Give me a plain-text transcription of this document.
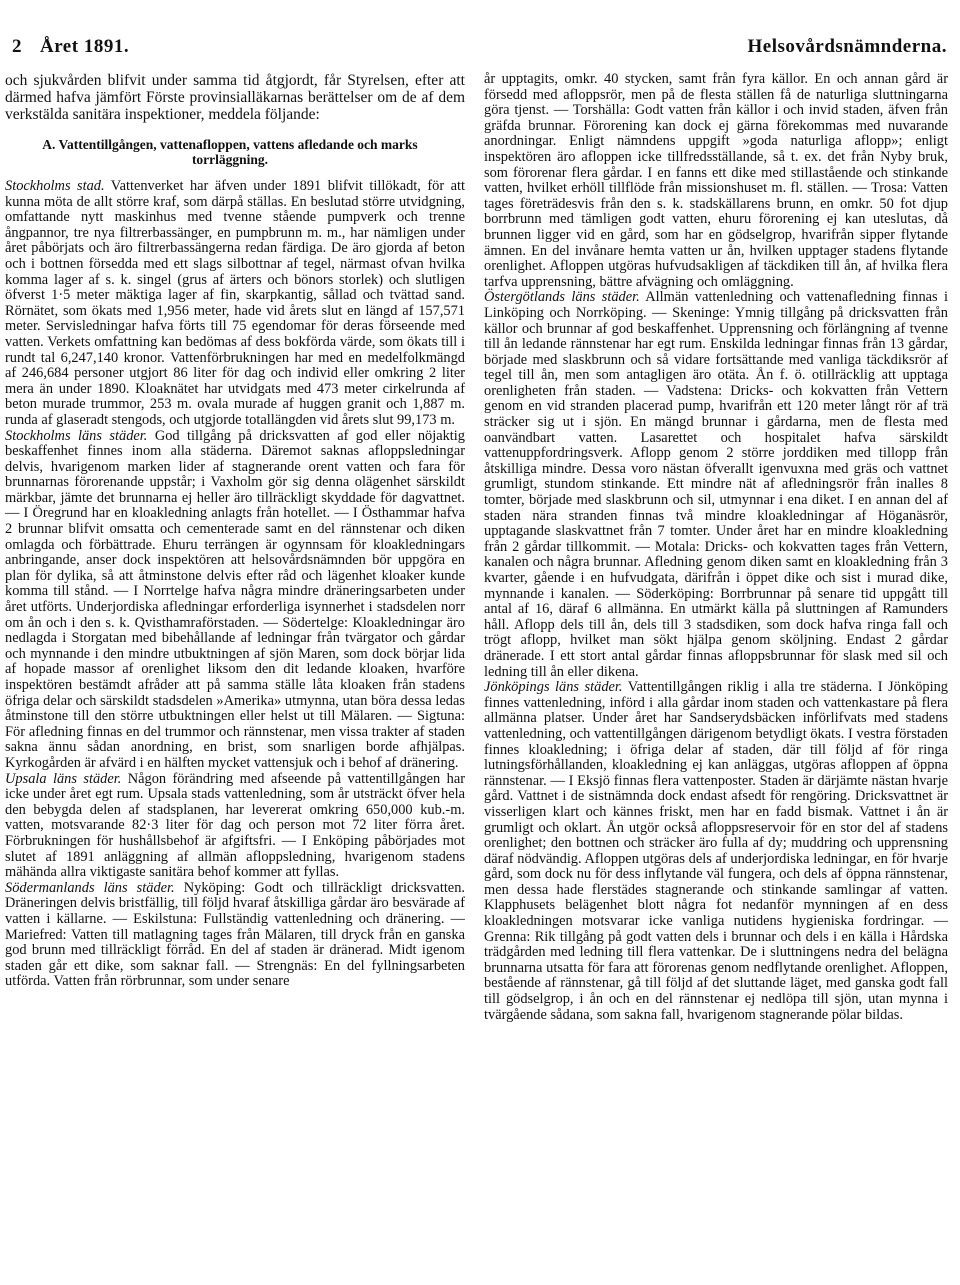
2 Året 1891.	Helsovårdsnämnderna.

och sjukvården blifvit under samma tid åtgjordt, får Styrelsen, efter att därmed hafva jämfört Förste provinsialläkarnas berättelser om de af dem verkstälda sanitära inspektioner, meddela följande:

A. Vattentillgången, vattenafloppen, vattens afledande och marks torrläggning.

Stockholms stad. Vattenverket har äfven under 1891 blifvit tillökadt, för att kunna möta de allt större kraf, som därpå ställas. En beslutad större utvidgning, omfattande nytt maskinhus med tvenne stående pumpverk och trenne ångpannor, tre nya filtrerbassänger, en pumpbrunn m. m., har nämligen under året påbörjats och äro filtrerbassängerna redan färdiga. De äro gjorda af beton och i bottnen försedda med ett slags silbottnar af tegel, närmast ofvan hvilka komma lager af s. k. singel (grus af ärters och bönors storlek) och slutligen öfverst 1·5 meter mäktiga lager af fin, skarpkantig, sållad och tvättad sand. Rörnätet, som ökats med 1,956 meter, hade vid årets slut en längd af 157,571 meter. Servisledningar hafva förts till 75 egendomar för deras förseende med vatten. Verkets omfattning kan bedömas af dess bokförda värde, som ökats till i rundt tal 6,247,140 kronor. Vattenförbrukningen har med en medelfolkmängd af 246,684 personer utgjort 86 liter för dag och individ eller omkring 2 liter mera än under 1890. Kloaknätet har utvidgats med 473 meter cirkelrunda af beton murade trummor, 253 m. ovala murade af huggen granit och 1,887 m. runda af glaseradt stengods, och utgjorde totallängden vid årets slut 99,173 m.

Stockholms läns städer. God tillgång på dricksvatten af god eller nöjaktig beskaffenhet finnes inom alla städerna. Däremot saknas afloppsledningar delvis, hvarigenom marken lider af stagnerande orent vatten och fara för brunnarnas förorenande uppstår; i Vaxholm gör sig denna olägenhet särskildt märkbar, jämte det brunnarna ej heller äro tillräckligt skyddade för dagvattnet. — I Öregrund har en kloakledning anlagts från hotellet. — I Östhammar hafva 2 brunnar blifvit omsatta och cementerade samt en del rännstenar och diken omlagda och förbättrade. Ehuru terrängen är ogynnsam för kloakledningars anbringande, anser dock inspektören att helsovårdsnämnden bör uppgöra en plan för dylika, så att åtminstone delvis efter råd och lägenhet kloaker kunde komma till stånd. — I Norrtelge hafva några mindre dräneringsarbeten under året utförts. Underjordiska afledningar erforderliga isynnerhet i stadsdelen norr om ån och i den s. k. Qvisthamraförstaden. — Södertelge: Kloakledningar äro nedlagda i Storgatan med bibehållande af ledningar från tvärgator och gårdar och mynnande i den mindre utbuktningen af sjön Maren, som dock börjar lida af hopade massor af orenlighet liksom den dit ledande kloaken, hvarföre inspektören bestämdt afråder att på samma ställe låta kloaken från stadens öfriga delar och särskildt stadsdelen »Amerika» utmynna, utan böra dessa ledas åtminstone till den större utbuktningen eller helst ut till Mälaren. — Sigtuna: För afledning finnas en del trummor och rännstenar, men vissa trakter af staden sakna ännu sådan anordning, en brist, som snarligen borde afhjälpas. Kyrkogården är afvärd i en hälften mycket vattensjuk och i behof af dränering.

Upsala läns städer. Någon förändring med afseende på vattentillgången har icke under året egt rum. Upsala stads vattenledning, som år utsträckt öfver hela den bebygda delen af stadsplanen, har levererat omkring 650,000 kub.-m. vatten, motsvarande 82·3 liter för dag och person mot 72 liter förra året. Förbrukningen för hushållsbehof är afgiftsfri. — I Enköping påbörjades mot slutet af 1891 anläggning af allmän afloppsledning, hvarigenom stadens mähända allra viktigaste sanitära behof kommer att fyllas.

Södermanlands läns städer. Nyköping: Godt och tillräckligt dricksvatten. Dräneringen delvis bristfällig, till följd hvaraf åtskilliga gårdar äro besvärade af vatten i källarne. — Eskilstuna: Fullständig vattenledning och dränering. — Mariefred: Vatten till matlagning tages från Mälaren, till dryck från en ganska god brunn med tillräckligt förråd. En del af staden är dränerad. Midt igenom staden går ett dike, som saknar fall. — Strengnäs: En del fyllningsarbeten utförda. Vatten från rörbrunnar, som under senare

år upptagits, omkr. 40 stycken, samt från fyra källor. En och annan gård är försedd med afloppsrör, men på de flesta ställen få de naturliga sluttningarna göra tjenst. — Torshälla: Godt vatten från källor i och invid staden, äfven från gräfda brunnar. Förorening kan dock ej gärna förekommas med nuvarande anordningar. Enligt nämndens uppgift »goda naturliga aflopp»; enligt inspektören äro afloppen icke tillfredsställande, så t. ex. det från Nyby bruk, som förorenar flera gårdar. I en fanns ett dike med stillastående och stinkande vatten, hvilket erhöll tillflöde från missionshuset m. fl. ställen. — Trosa: Vatten tages företrädesvis från den s. k. stadskällarens brunn, en omkr. 50 fot djup borrbrunn med tämligen godt vatten, ehuru förorening ej kan uteslutas, då brunnen ligger vid en gård, som har en gödselgrop, hvarifrån sipper flytande ämnen. En del invånare hemta vatten ur ån, hvilken upptager stadens flytande orenlighet. Afloppen utgöras hufvudsakligen af täckdiken till ån, af hvilka flera tarfva upprensning, bättre afvägning och omläggning.

Östergötlands läns städer. Allmän vattenledning och vattenafledning finnas i Linköping och Norrköping. — Skeninge: Ymnig tillgång på dricksvatten från källor och brunnar af god beskaffenhet. Upprensning och förlängning af tvenne till ån ledande rännstenar har egt rum. Enskilda ledningar finnas från 13 gårdar, började med slaskbrunn och så vidare fortsättande med vanliga täckdiksrör af tegel till ån, men som antagligen äro otäta. Ån f. ö. otillräcklig att upptaga orenligheten från staden. — Vadstena: Dricks- och kokvatten från Vettern genom en vid stranden placerad pump, hvarifrån ett 120 meter långt rör af trä sträcker sig ut i sjön. En mängd brunnar i gårdarna, men de flesta med oanvändbart vatten. Lasarettet och hospitalet hafva särskildt vattenuppfordringsverk. Aflopp genom 2 större jorddiken med tillopp från åtskilliga mindre. Dessa voro nästan öfverallt igenvuxna med gräs och vattnet grumligt, stundom stinkande. Ett mindre nät af afledningsrör från inalles 8 tomter, började med slaskbrunn och sil, utmynnar i ena diket. I en annan del af staden nära stranden finnas två mindre kloakledningar af Höganäsrör, upptagande slaskvattnet från 7 tomter. Under året har en mindre kloakledning från 2 gårdar tillkommit. — Motala: Dricks- och kokvatten tages från Vettern, kanalen och några brunnar. Afledning genom diken samt en kloakledning från 3 kvarter, gående i en hufvudgata, därifrån i öppet dike och sist i murad dike, mynnande i kanalen. — Söderköping: Borrbrunnar på senare tid uppgått till antal af 16, däraf 6 allmänna. En utmärkt källa på sluttningen af Ramunders håll. Aflopp dels till ån, dels till 3 stadsdiken, som dock hafva ringa fall och trögt aflopp, hvilket man sökt hjälpa genom sköljning. Endast 2 gårdar dränerade. I ett stort antal gårdar finnas afloppsbrunnar för slask med sil och ledning till ån eller dikena.

Jönköpings läns städer. Vattentillgången riklig i alla tre städerna. I Jönköping finnes vattenledning, införd i alla gårdar inom staden och vattenkastare på flera allmänna platser. Under året har Sandserydsbäcken införlifvats med stadens vattenledning, och vattentillgången därigenom betydligt ökats. I vestra förstaden finnes kloakledning; i öfriga delar af staden, där till följd af för ringa lutningsförhållanden, kloakledning ej kan anläggas, utgöras afloppen af öppna rännstenar. — I Eksjö finnas flera vattenposter. Staden är därjämte nästan hvarje gård. Vattnet i de sistnämnda dock endast afsedt för rengöring. Dricksvattnet är visserligen klart och kännes friskt, men har en fadd bismak. Vattnet i ån är grumligt och oklart. Ån utgör också afloppsreservoir för en stor del af stadens orenlighet; den bottnen och sträcker äro fulla af dy; muddring och upprensning däraf nödvändig. Afloppen utgöras dels af underjordiska ledningar, en för hvarje gård, som dock nu för dess inflytande väl fungera, och dels af öppna rännstenar, men dessa hade flerstädes stagnerande och stinkande samlingar af vatten. Klapphusets belägenhet blott några fot nedanför mynningen af en dess kloakledningen motsvarar icke vanliga nutidens hygieniska fordringar. — Grenna: Rik tillgång på godt vatten dels i brunnar och dels i en källa i Hårdska trädgården med ledning till flera vattenkar. De i sluttningens nedra del belägna brunnarna utsatta för fara att förorenas genom nedflytande orenlighet. Afloppen, bestående af rännstenar, gå till följd af det sluttande läget, med ganska godt fall till gödselgrop, i ån och en del rännstenar ej nedlöpa till sjön, utan mynna i tvärgående sådana, som sakna fall, hvarigenom stagnerande pölar bildas.
